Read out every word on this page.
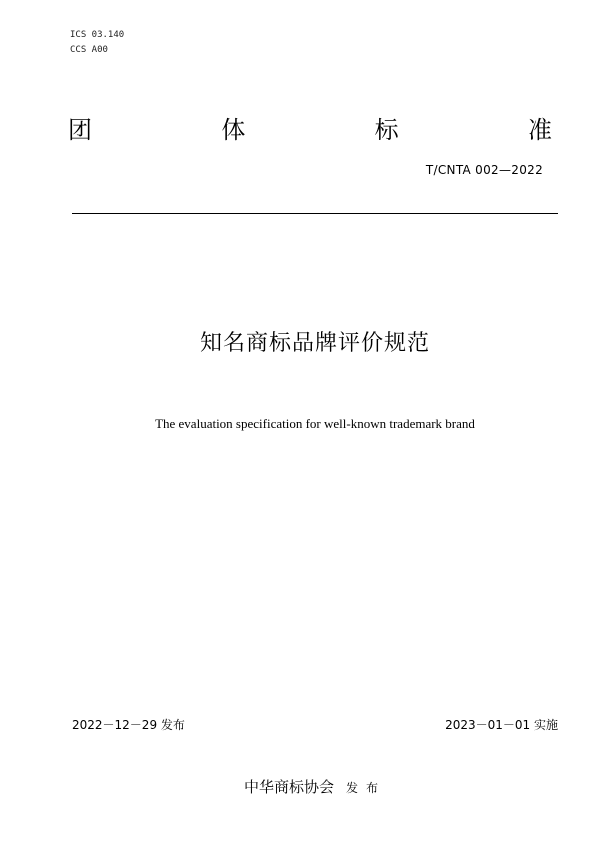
ICS 03.140
CCS A00
团	体	标	准
T/CNTA 002—2022
知名商标品牌评价规范
The evaluation specification for well-known trademark brand
2022－12－29 发布	2023－01－01 实施
中华商标协会 发布
